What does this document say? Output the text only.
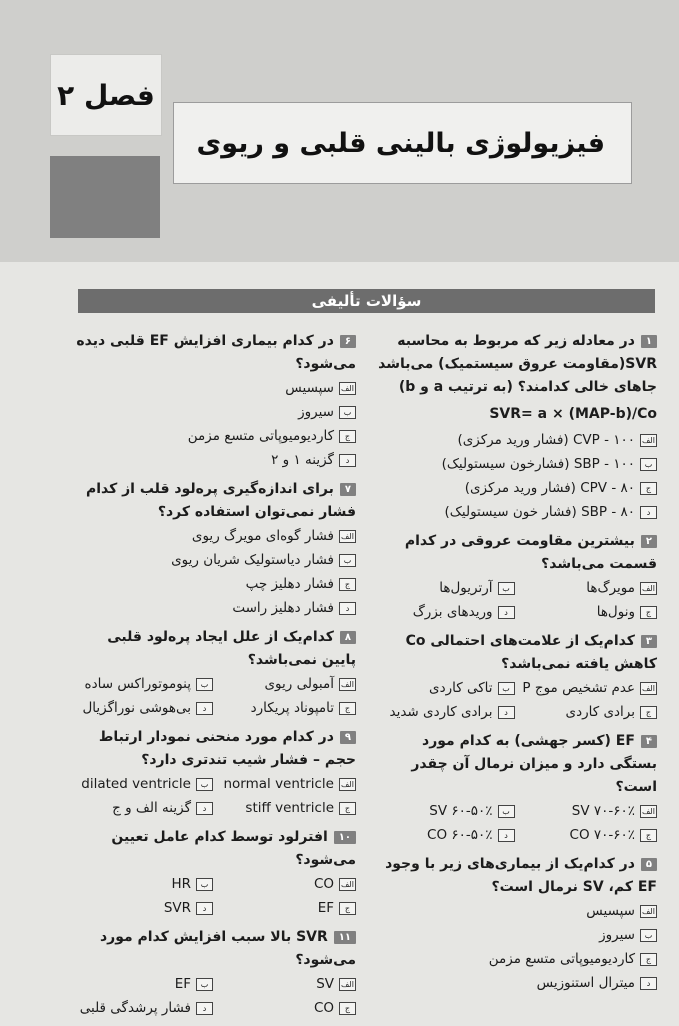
فصل ۲
فیزیولوژی بالینی قلبی و ریوی
سؤالات تألیفی
۱در معادله زیر که مربوط به محاسبه SVR(مقاومت عروق سیستمیک) می‌باشد جاهای خالی کدامند؟ (به ترتیب a و b)
SVR= a × (MAP-b)/Co
الف
CVP - ۱۰۰ (فشار ورید مرکزی)
ب
SBP - ۱۰۰ (فشارخون سیستولیک)
ج
CPV - ۸۰ (فشار ورید مرکزی)
د
SBP - ۸۰ (فشار خون سیستولیک)
۲بیشترین مقاومت عروقی در کدام قسمت می‌باشد؟
الف
مویرگ‌ها
ب
آرتریول‌ها
ج
ونول‌ها
د
وریدهای بزرگ
۳کدام‌یک از علامت‌های احتمالی Co کاهش یافته نمی‌باشد؟
الف
عدم تشخیص موج P
ب
تاکی کاردی
ج
برادی کاردی
د
برادی کاردی شدید
۴EF (کسر جهشی) به کدام مورد بستگی دارد و میزان نرمال آن چقدر است؟
الف
SV ۷۰-۶۰٪
ب
SV ۶۰-۵۰٪
ج
CO ۷۰-۶۰٪
د
CO ۶۰-۵۰٪
۵در کدام‌یک از بیماری‌های زیر با وجود EF کم، SV نرمال است؟
الف
سپسیس
ب
سیروز
ج
کاردیومیوپاتی متسع مزمن
د
میترال استنوزیس
۶در کدام بیماری افزایش EF قلبی دیده می‌شود؟
الف
سپسیس
ب
سیروز
ج
کاردیومیوپاتی متسع مزمن
د
گزینه ۱ و ۲
۷برای اندازه‌گیری پره‌لود قلب از کدام فشار نمی‌توان استفاده کرد؟
الف
فشار گوه‌ای مویرگ ریوی
ب
فشار دیاستولیک شریان ریوی
ج
فشار دهلیز چپ
د
فشار دهلیز راست
۸کدام‌یک از علل ایجاد پره‌لود قلبی پایین نمی‌باشد؟
الف
آمبولی ریوی
ب
پنوموتوراکس ساده
ج
تامپوناد پریکارد
د
بی‌هوشی نوراگزیال
۹در کدام مورد منحنی نمودار ارتباط حجم – فشار شیب تندتری دارد؟
الف
normal ventricle
ب
dilated ventricle
ج
stiff ventricle
د
گزینه الف و ج
۱۰افترلود توسط کدام عامل تعیین می‌شود؟
الف
CO
ب
HR
ج
EF
د
SVR
۱۱SVR بالا سبب افزایش کدام مورد می‌شود؟
الف
SV
ب
EF
ج
CO
د
فشار پرشدگی قلبی
